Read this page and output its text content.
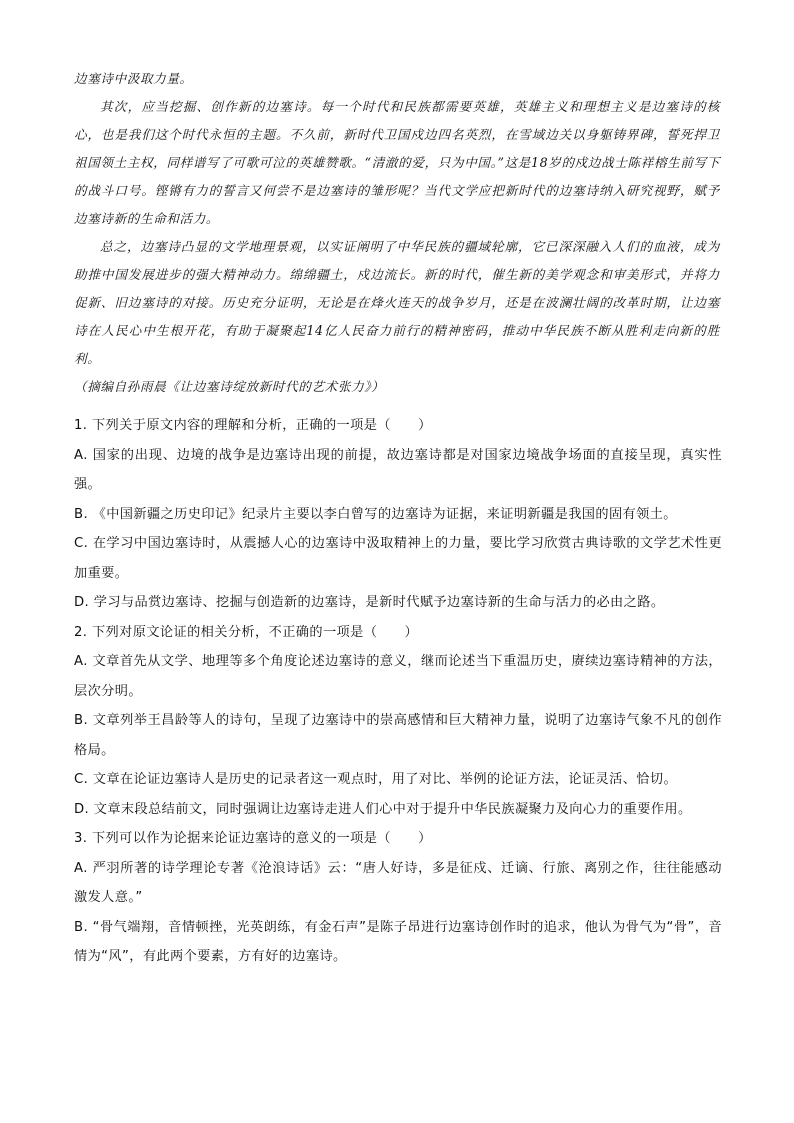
边塞诗中汲取力量。

其次，应当挖掘、创作新的边塞诗。每一个时代和民族都需要英雄，英雄主义和理想主义是边塞诗的核心，也是我们这个时代永恒的主题。不久前，新时代卫国戍边四名英烈，在雪域边关以身躯铸界碑，誓死捍卫祖国领土主权，同样谱写了可歌可泣的英雄赞歌。“清澈的爱，只为中国。”这是18岁的戍边战士陈祥榕生前写下的战斗口号。铿锵有力的誓言又何尝不是边塞诗的雏形呢？当代文学应把新时代的边塞诗纳入研究视野，赋予边塞诗新的生命和活力。

总之，边塞诗凸显的文学地理景观，以实证阐明了中华民族的疆域轮廓，它已深深融入人们的血液，成为助推中国发展进步的强大精神动力。绵绵疆土，戍边流长。新的时代，催生新的美学观念和审美形式，并将力促新、旧边塞诗的对接。历史充分证明，无论是在烽火连天的战争岁月，还是在波澜壮阔的改革时期，让边塞诗在人民心中生根开花，有助于凝聚起14亿人民奋力前行的精神密码，推动中华民族不断从胜利走向新的胜利。

（摘编自孙雨晨《让边塞诗绽放新时代的艺术张力》）

1. 下列关于原文内容的理解和分析，正确的一项是（　　）

A. 国家的出现、边境的战争是边塞诗出现的前提，故边塞诗都是对国家边境战争场面的直接呈现，真实性强。

B. 《中国新疆之历史印记》纪录片主要以李白曾写的边塞诗为证据，来证明新疆是我国的固有领土。

C. 在学习中国边塞诗时，从震撼人心的边塞诗中汲取精神上的力量，要比学习欣赏古典诗歌的文学艺术性更加重要。

D. 学习与品赏边塞诗、挖掘与创造新的边塞诗，是新时代赋予边塞诗新的生命与活力的必由之路。

2. 下列对原文论证的相关分析，不正确的一项是（　　）

A. 文章首先从文学、地理等多个角度论述边塞诗的意义，继而论述当下重温历史，赓续边塞诗精神的方法，层次分明。

B. 文章列举王昌龄等人的诗句，呈现了边塞诗中的崇高感情和巨大精神力量，说明了边塞诗气象不凡的创作格局。

C. 文章在论证边塞诗人是历史的记录者这一观点时，用了对比、举例的论证方法，论证灵活、恰切。

D. 文章末段总结前文，同时强调让边塞诗走进人们心中对于提升中华民族凝聚力及向心力的重要作用。

3. 下列可以作为论据来论证边塞诗的意义的一项是（　　）

A. 严羽所著的诗学理论专著《沧浪诗话》云：“唐人好诗，多是征戍、迁谪、行旅、离别之作，往往能感动激发人意。”

B. “骨气端翔，音情顿挫，光英朗练，有金石声”是陈子昂进行边塞诗创作时的追求，他认为骨气为“骨”，音情为“风”，有此两个要素，方有好的边塞诗。
